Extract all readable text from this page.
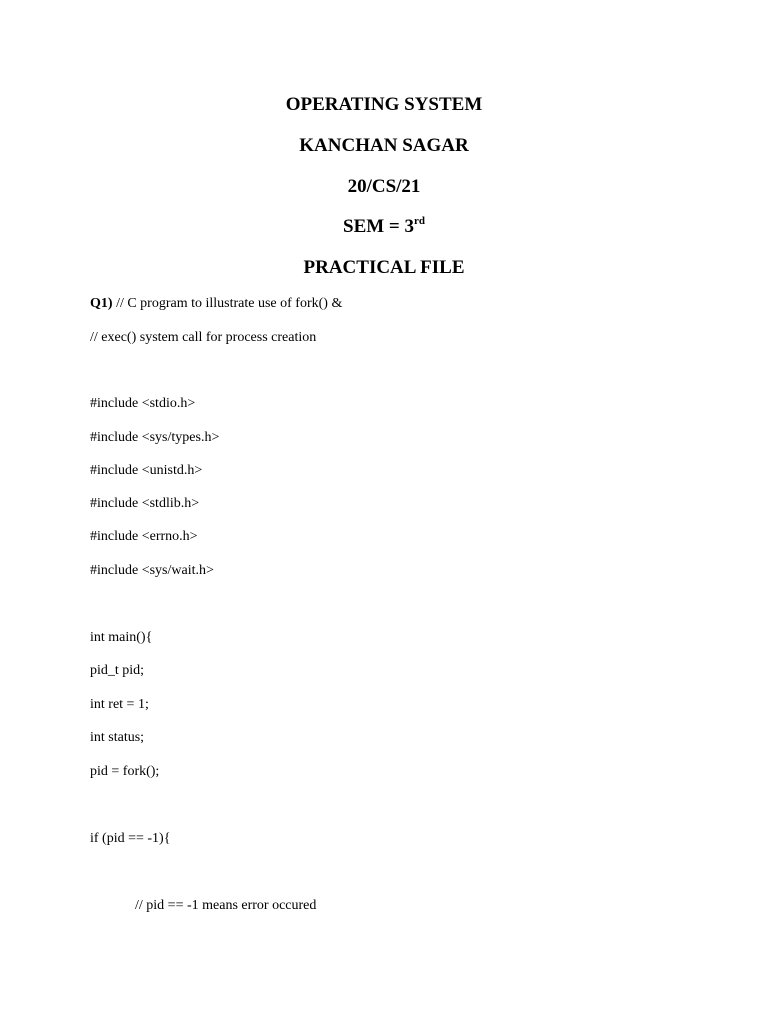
OPERATING SYSTEM
KANCHAN SAGAR
20/CS/21
SEM = 3rd
PRACTICAL FILE
Q1) // C program to illustrate use of fork() &
// exec() system call for process creation
#include <stdio.h>
#include <sys/types.h>
#include <unistd.h>
#include <stdlib.h>
#include <errno.h>
#include <sys/wait.h>
int main(){
pid_t pid;
int ret = 1;
int status;
pid = fork();
if (pid == -1){
// pid == -1 means error occured
